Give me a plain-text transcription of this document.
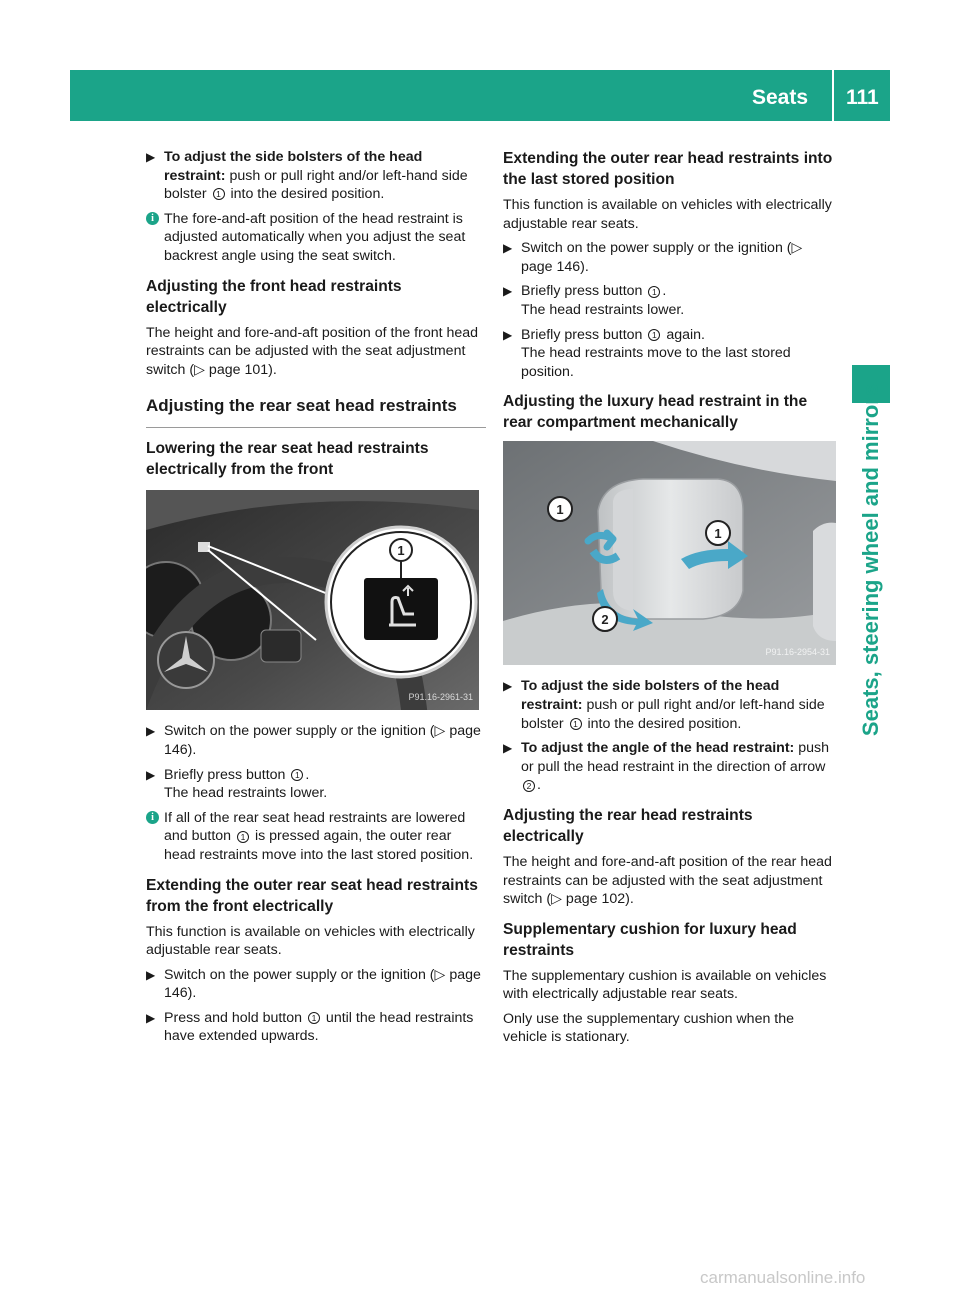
Seats 111
Seats, steering wheel and mirrors
▶ To adjust the side bolsters of the head restraint: push or pull right and/or left-hand side bolster 1 into the desired position.
i The fore-and-aft position of the head restraint is adjusted automatically when you adjust the seat backrest angle using the seat switch.
Adjusting the front head restraints electrically
The height and fore-and-aft position of the front head restraints can be adjusted with the seat adjustment switch (▷ page 101).
Adjusting the rear seat head restraints
Lowering the rear seat head restraints electrically from the front
1
P91.16-2961-31
▶ Switch on the power supply or the ignition (▷ page 146).
▶ Briefly press button 1 .
The head restraints lower.
i If all of the rear seat head restraints are lowered and button 1 is pressed again, the outer rear head restraints move into the last stored position.
Extending the outer rear seat head restraints from the front electrically
This function is available on vehicles with electrically adjustable rear seats.
▶ Switch on the power supply or the ignition (▷ page 146).
▶ Press and hold button 1 until the head restraints have extended upwards.
Extending the outer rear head restraints into the last stored position
This function is available on vehicles with electrically adjustable rear seats.
▶ Switch on the power supply or the ignition (▷ page 146).
▶ Briefly press button 1 .
The head restraints lower.
▶ Briefly press button 1 again.
The head restraints move to the last stored position.
Adjusting the luxury head restraint in the rear compartment mechanically
1
1
2
P91.16-2954-31
▶ To adjust the side bolsters of the head restraint: push or pull right and/or left-hand side bolster 1 into the desired position.
▶ To adjust the angle of the head restraint: push or pull the head restraint in the direction of arrow 2 .
Adjusting the rear head restraints electrically
The height and fore-and-aft position of the rear head restraints can be adjusted with the seat adjustment switch (▷ page 102).
Supplementary cushion for luxury head restraints
The supplementary cushion is available on vehicles with electrically adjustable rear seats.
Only use the supplementary cushion when the vehicle is stationary.
carmanualsonline.info
